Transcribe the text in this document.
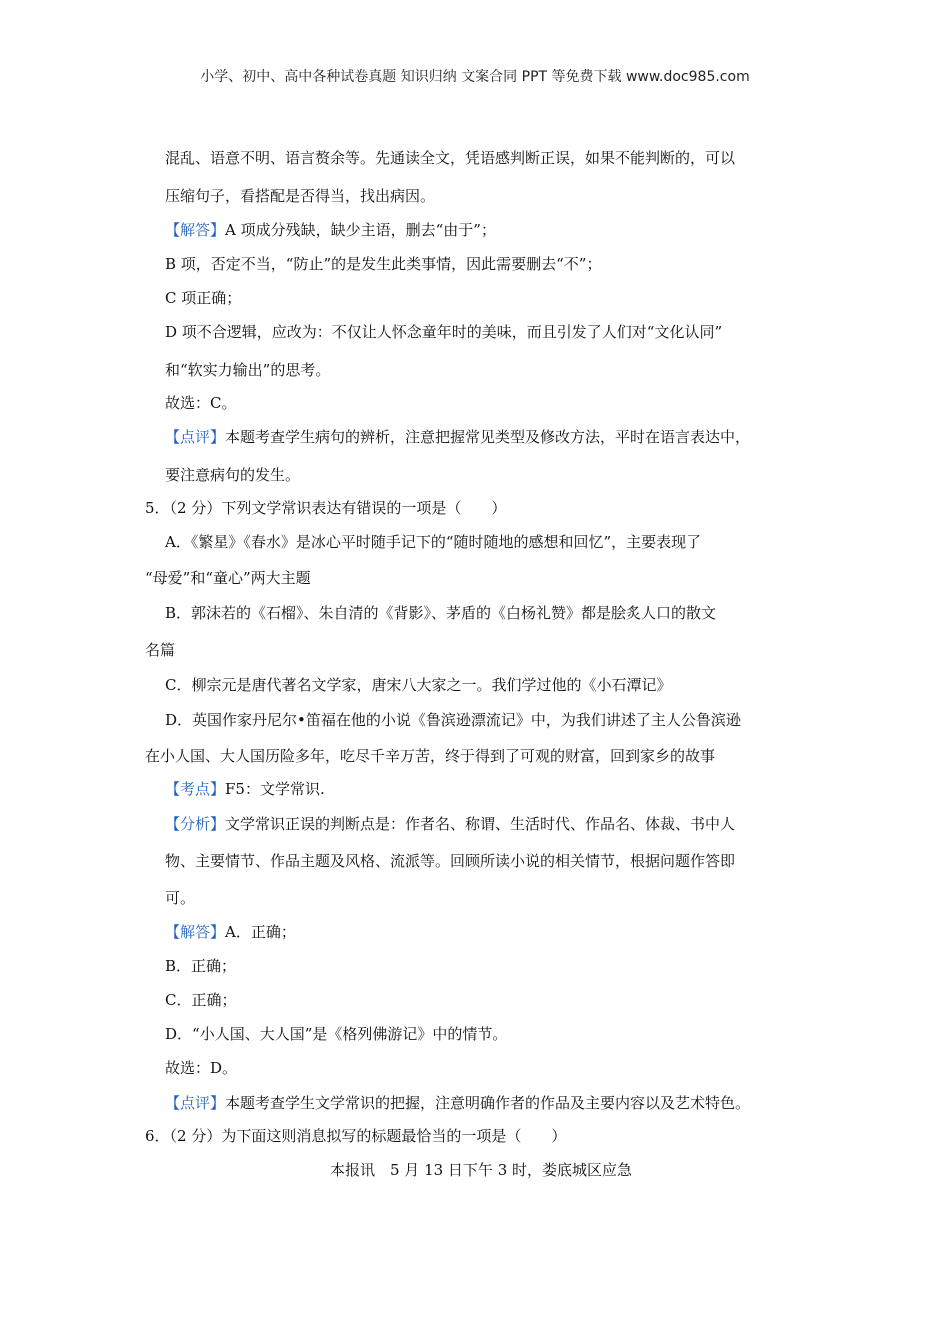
小学、初中、高中各种试卷真题 知识归纳 文案合同 PPT 等免费下载 www.doc985.com
混乱、语意不明、语言赘余等。先通读全文，凭语感判断正误，如果不能判断的，可以
压缩句子，看搭配是否得当，找出病因。
【解答】A 项成分残缺，缺少主语，删去“由于”；
B 项，否定不当，“防止”的是发生此类事情，因此需要删去“不”；
C 项正确；
D 项不合逻辑，应改为：不仅让人怀念童年时的美味，而且引发了人们对“文化认同”
和“软实力输出”的思考。
故选：C。
【点评】本题考查学生病句的辨析，注意把握常见类型及修改方法，平时在语言表达中，
要注意病句的发生。
5．（2 分）下列文学常识表达有错误的一项是（　　）
A．《繁星》《春水》是冰心平时随手记下的“随时随地的感想和回忆”，主要表现了
“母爱”和“童心”两大主题
B．郭沫若的《石榴》、朱自清的《背影》、茅盾的《白杨礼赞》都是脍炙人口的散文
名篇
C．柳宗元是唐代著名文学家，唐宋八大家之一。我们学过他的《小石潭记》
D．英国作家丹尼尔•笛福在他的小说《鲁滨逊漂流记》中，为我们讲述了主人公鲁滨逊
在小人国、大人国历险多年，吃尽千辛万苦，终于得到了可观的财富，回到家乡的故事
【考点】F5：文学常识.
【分析】文学常识正误的判断点是：作者名、称谓、生活时代、作品名、体裁、书中人
物、主要情节、作品主题及风格、流派等。回顾所读小说的相关情节，根据问题作答即
可。
【解答】A．正确；
B．正确；
C．正确；
D．“小人国、大人国”是《格列佛游记》中的情节。
故选：D。
【点评】本题考查学生文学常识的把握，注意明确作者的作品及主要内容以及艺术特色。
6．（2 分）为下面这则消息拟写的标题最恰当的一项是（　　）
本报讯　5 月 13 日下午 3 时，娄底城区应急
